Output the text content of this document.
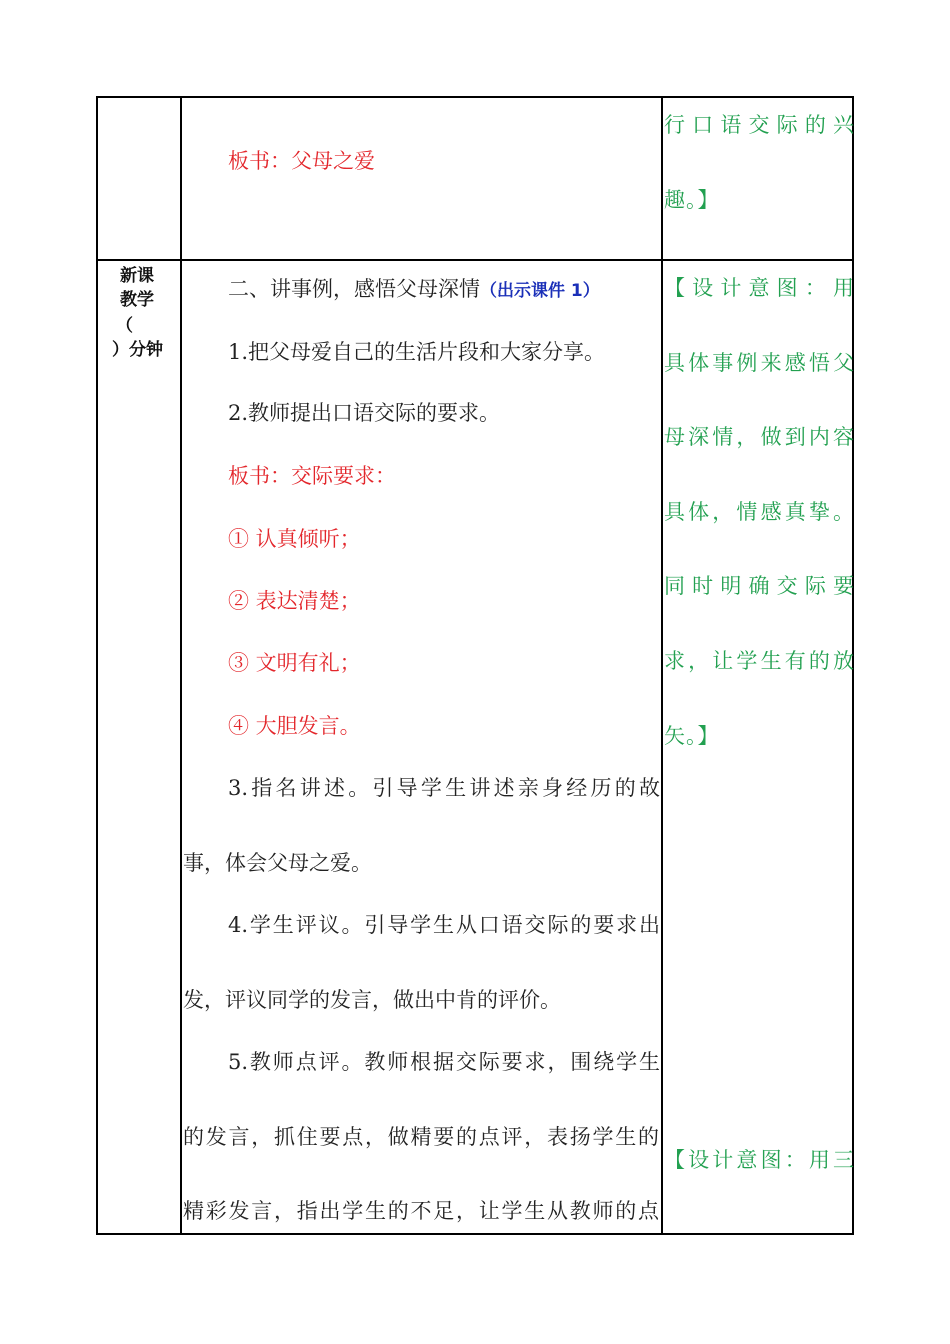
板书：父母之爱
行口语交际的兴
趣。】
新课
教学
（
）分钟
二、讲事例，感悟父母深情（出示课件 1）
1.把父母爱自己的生活片段和大家分享。
2.教师提出口语交际的要求。
板书：交际要求：
① 认真倾听；
② 表达清楚；
③ 文明有礼；
④ 大胆发言。
3.指名讲述。引导学生讲述亲身经历的故
事，体会父母之爱。
4.学生评议。引导学生从口语交际的要求出
发，评议同学的发言，做出中肯的评价。
5.教师点评。教师根据交际要求，围绕学生
的发言，抓住要点，做精要的点评，表扬学生的
精彩发言，指出学生的不足，让学生从教师的点
【设计意图：用
具体事例来感悟父
母深情，做到内容
具体，情感真挚。
同时明确交际要
求，让学生有的放
矢。】
【设计意图：用三
